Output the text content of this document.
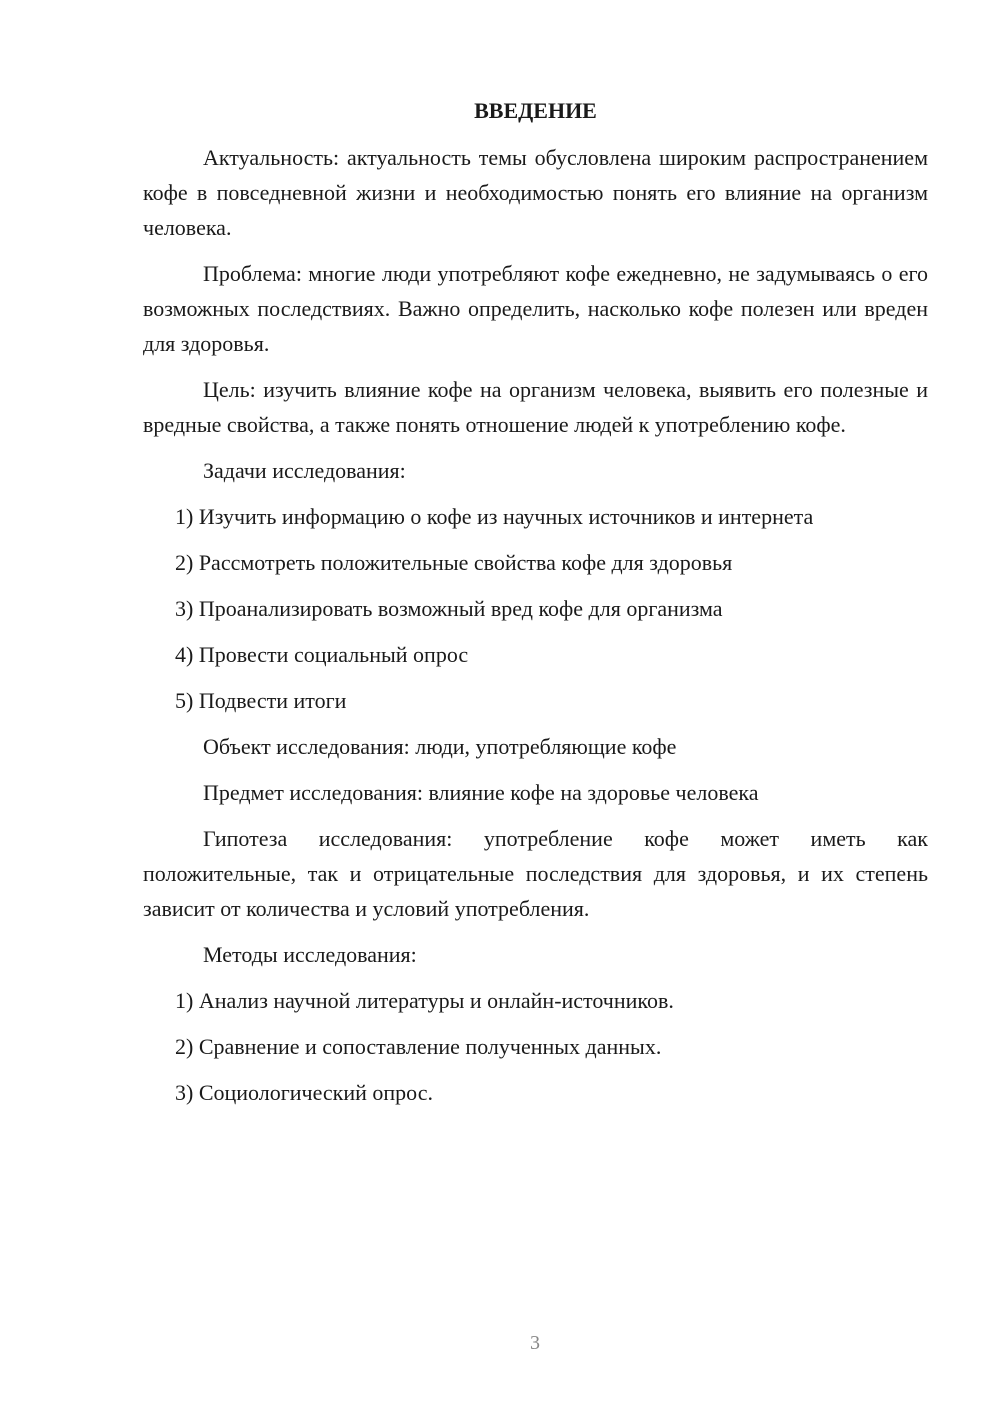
ВВЕДЕНИЕ

Актуальность: актуальность темы обусловлена широким распространением кофе в повседневной жизни и необходимостью понять его влияние на организм человека.

Проблема: многие люди употребляют кофе ежедневно, не задумываясь о его возможных последствиях. Важно определить, насколько кофе полезен или вреден для здоровья.

Цель: изучить влияние кофе на организм человека, выявить его полезные и вредные свойства, а также понять отношение людей к употреблению кофе.

Задачи исследования:

1) Изучить информацию о кофе из научных источников и интернета
2) Рассмотреть положительные свойства кофе для здоровья
3) Проанализировать возможный вред кофе для организма
4) Провести социальный опрос
5) Подвести итоги

Объект исследования: люди, употребляющие кофе

Предмет исследования: влияние кофе на здоровье человека

Гипотеза исследования: употребление кофе может иметь как положительные, так и отрицательные последствия для здоровья, и их степень зависит от количества и условий употребления.

Методы исследования:

1) Анализ научной литературы и онлайн-источников.
2) Сравнение и сопоставление полученных данных.
3) Социологический опрос.
3
